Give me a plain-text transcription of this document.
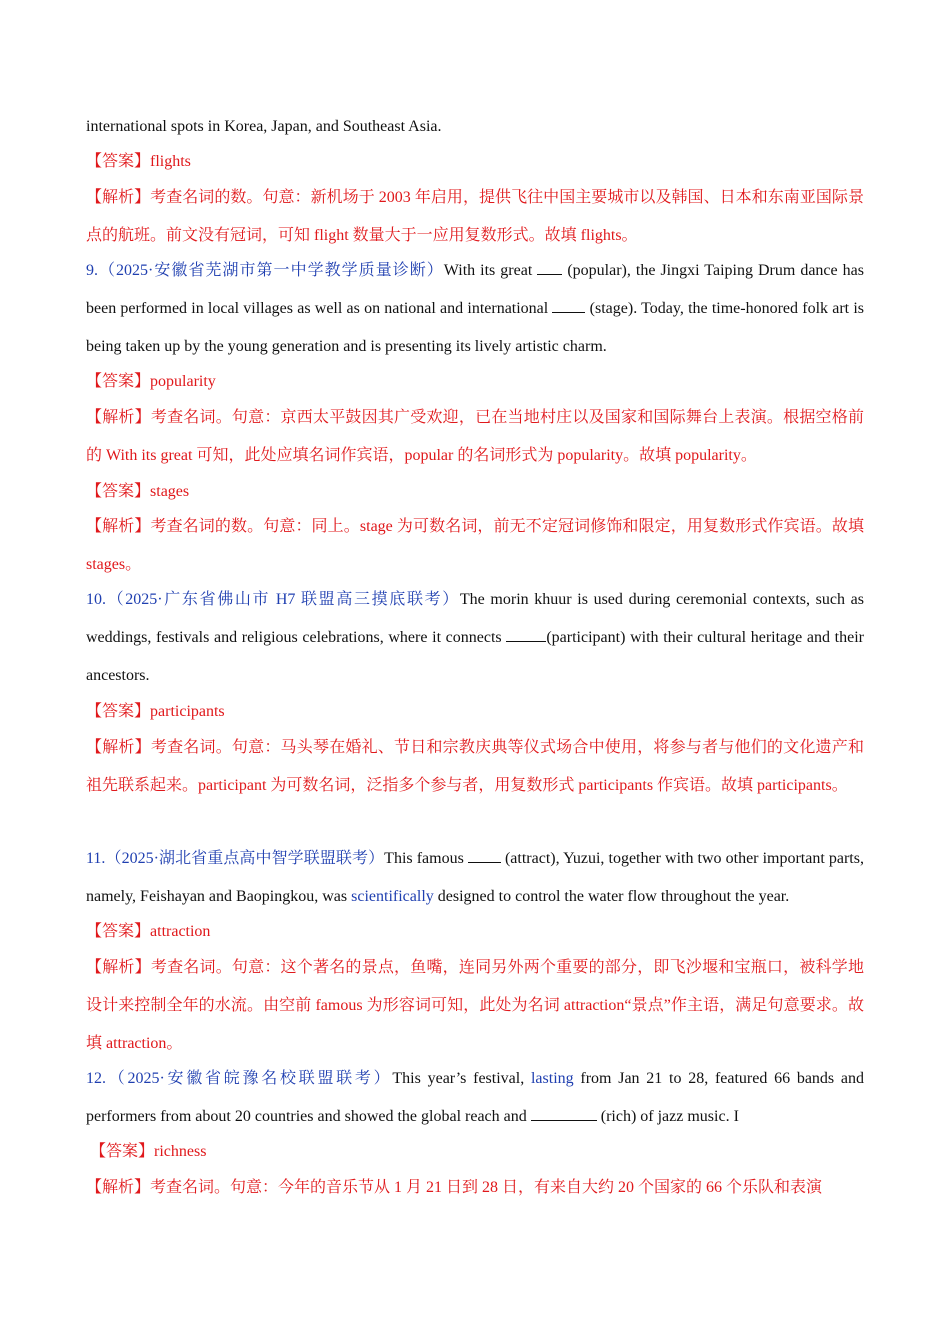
international spots in Korea, Japan, and Southeast Asia.
【答案】flights
【解析】考查名词的数。句意：新机场于 2003 年启用，提供飞往中国主要城市以及韩国、日本和东南亚国际景点的航班。前文没有冠词，可知 flight 数量大于一应用复数形式。故填 flights。
9.（2025·安徽省芜湖市第一中学教学质量诊断）With its great  (popular), the Jingxi Taiping Drum dance has been performed in local villages as well as on national and international  (stage). Today, the time-honored folk art is being taken up by the young generation and is presenting its lively artistic charm.
【答案】popularity
【解析】考查名词。句意：京西太平鼓因其广受欢迎，已在当地村庄以及国家和国际舞台上表演。根据空格前的 With its great 可知，此处应填名词作宾语，popular 的名词形式为 popularity。故填 popularity。
【答案】stages
【解析】考查名词的数。句意：同上。stage 为可数名词，前无不定冠词修饰和限定，用复数形式作宾语。故填 stages。
10.（2025·广东省佛山市 H7 联盟高三摸底联考）The morin khuur is used during ceremonial contexts, such as weddings, festivals and religious celebrations, where it connects	(participant) with their cultural heritage and their ancestors.
【答案】participants
【解析】考查名词。句意：马头琴在婚礼、节日和宗教庆典等仪式场合中使用，将参与者与他们的文化遗产和祖先联系起来。participant 为可数名词，泛指多个参与者，用复数形式 participants 作宾语。故填 participants。
11.（2025·湖北省重点高中智学联盟联考）This famous  (attract), Yuzui, together with two other important parts, namely, Feishayan and Baopingkou, was scientifically designed to control the water flow throughout the year.
【答案】attraction
【解析】考查名词。句意：这个著名的景点，鱼嘴，连同另外两个重要的部分，即飞沙堰和宝瓶口，被科学地设计来控制全年的水流。由空前 famous 为形容词可知，此处为名词 attraction“景点”作主语，满足句意要求。故填 attraction。
12.（2025·安徽省皖豫名校联盟联考）This year’s festival, lasting from Jan 21 to 28, featured 66 bands and performers from about 20 countries and showed the global reach and	(rich) of jazz music. I
【答案】richness
【解析】考查名词。句意：今年的音乐节从 1 月 21 日到 28 日，有来自大约 20 个国家的 66 个乐队和表演
